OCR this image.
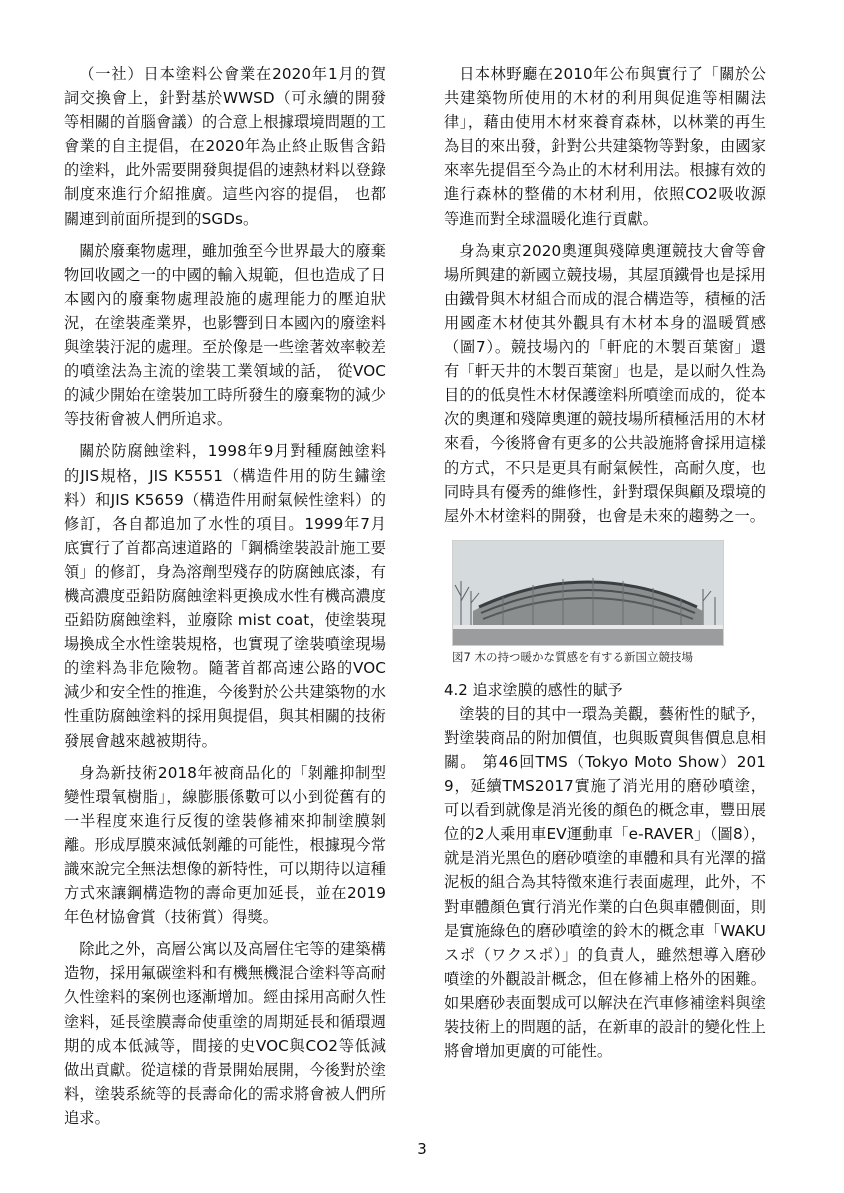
（一社）日本塗料公會業在2020年1月的賀詞交換會上，針對基於WWSD（可永續的開發等相關的首腦會議）的合意上根據環境問題的工會業的自主提倡，在2020年為止終止販售含鉛的塗料，此外需要開發與提倡的速熱材料以登錄制度來進行介紹推廣。這些內容的提倡， 也都關連到前面所提到的SGDs。

關於廢棄物處理，雖加強至今世界最大的廢棄物回收國之一的中國的輸入規範，但也造成了日本國內的廢棄物處理設施的處理能力的壓迫狀況，在塗裝產業界，也影響到日本國內的廢塗料與塗裝汙泥的處理。至於像是一些塗著效率較差的噴塗法為主流的塗裝工業領域的話， 從VOC的減少開始在塗裝加工時所發生的廢棄物的減少等技術會被人們所追求。

關於防腐蝕塗料，1998年9月對種腐蝕塗料的JIS規格，JIS K5551（構造件用的防生鏽塗料）和JIS K5659（構造件用耐氣候性塗料）的修訂，各自都追加了水性的項目。1999年7月底實行了首都高速道路的「鋼橋塗裝設計施工要領」的修訂，身為溶劑型殘存的防腐蝕底漆，有機高濃度亞鉛防腐蝕塗料更換成水性有機高濃度亞鉛防腐蝕塗料，並廢除 mist coat，使塗裝現場換成全水性塗裝規格，也實現了塗裝噴塗現場的塗料為非危險物。隨著首都高速公路的VOC減少和安全性的推進，今後對於公共建築物的水性重防腐蝕塗料的採用與提倡，與其相關的技術發展會越來越被期待。

身為新技術2018年被商品化的「剝離抑制型變性環氧樹脂」，線膨脹係數可以小到從舊有的一半程度來進行反復的塗裝修補來抑制塗膜剝離。形成厚膜來減低剝離的可能性，根據現今常識來說完全無法想像的新特性，可以期待以這種方式來讓鋼構造物的壽命更加延長，並在2019年色材協會賞（技術賞）得獎。

除此之外，高層公寓以及高層住宅等的建築構造物，採用氟碳塗料和有機無機混合塗料等高耐久性塗料的案例也逐漸增加。經由採用高耐久性塗料，延長塗膜壽命使重塗的周期延長和循環週期的成本低減等，間接的史VOC與CO2等低減做出貢獻。從這樣的背景開始展開，今後對於塗料，塗裝系統等的長壽命化的需求將會被人們所追求。

日本林野廳在2010年公布與實行了「關於公共建築物所使用的木材的利用與促進等相關法律」，藉由使用木材來養育森林，以林業的再生為目的來出發，針對公共建築物等對象，由國家來率先提倡至今為止的木材利用法。根據有效的進行森林的整備的木材利用，依照CO2吸收源等進而對全球溫暖化進行貢獻。

身為東京2020奧運與殘障奧運競技大會等會場所興建的新國立競技場，其屋頂鐵骨也是採用由鐵骨與木材組合而成的混合構造等，積極的活用國產木材使其外觀具有木材本身的溫暖質感（圖7）。競技場內的「軒庇的木製百葉窗」還有「軒天井的木製百葉窗」也是，是以耐久性為目的的低臭性木材保護塗料所噴塗而成的，從本次的奧運和殘障奧運的競技場所積極活用的木材來看，今後將會有更多的公共設施將會採用這樣的方式，不只是更具有耐氣候性，高耐久度，也同時具有優秀的維修性，針對環保與顧及環境的屋外木材塗料的開發，也會是未來的趨勢之一。

図7 木の持つ暖かな質感を有する新国立競技場

4.2 追求塗膜的感性的賦予

塗裝的目的其中一環為美觀，藝術性的賦予，對塗裝商品的附加價值，也與販賣與售價息息相關。 第46回TMS（Tokyo Moto Show）2019，延續TMS2017實施了消光用的磨砂噴塗，可以看到就像是消光後的顏色的概念車，豐田展位的2人乘用車EV運動車「e-RAVER」（圖8），就是消光黑色的磨砂噴塗的車體和具有光澤的擋泥板的組合為其特徵來進行表面處理，此外，不對車體顏色實行消光作業的白色與車體側面，則是實施綠色的磨砂噴塗的鈴木的概念車「WAKUスポ（ワクスポ）」的負責人，雖然想導入磨砂噴塗的外觀設計概念，但在修補上格外的困難。如果磨砂表面製成可以解決在汽車修補塗料與塗裝技術上的問題的話，在新車的設計的變化性上將會增加更廣的可能性。

3
